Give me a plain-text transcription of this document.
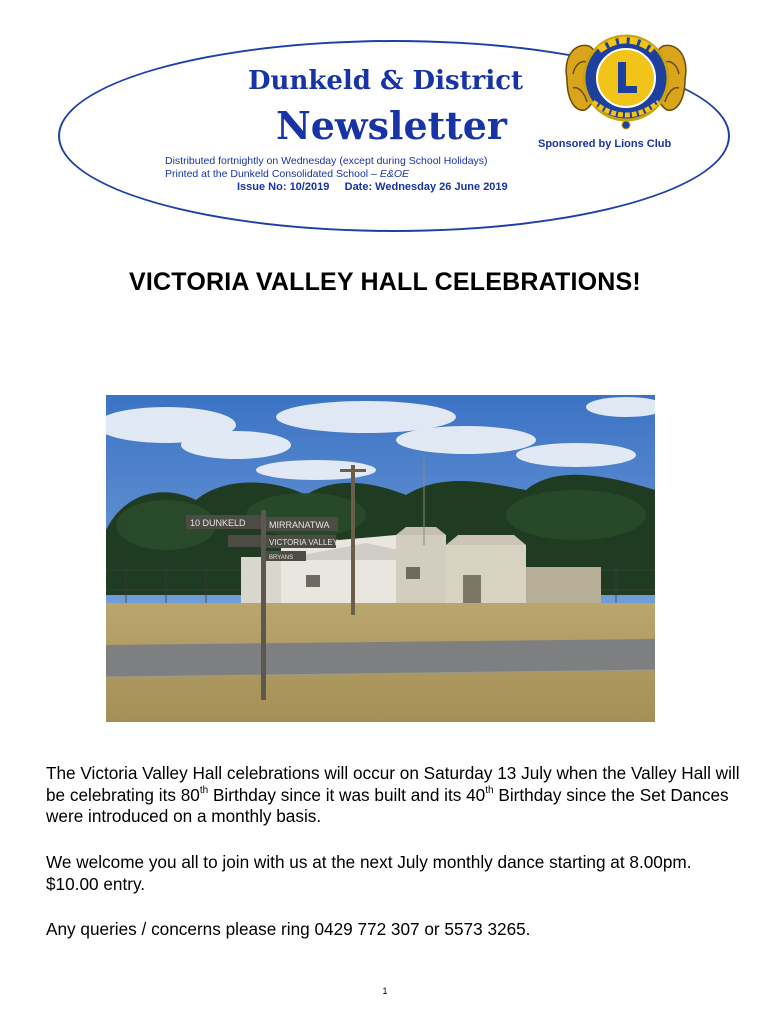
Dunkeld & District
Newsletter	Sponsored by Lions Club
Distributed fortnightly on Wednesday (except during School Holidays)
Printed at the Dunkeld Consolidated School – E&OE
Issue No: 10/2019 Date: Wednesday 26 June 2019
VICTORIA VALLEY HALL CELEBRATIONS!
10 DUNKELD	MIRRANATWA
VICTORIA VALLEY
BRYANS
The Victoria Valley Hall celebrations will occur on Saturday 13 July when the Valley Hall will be celebrating its 80th Birthday since it was built and its 40th Birthday since the Set Dances were introduced on a monthly basis.
We welcome you all to join with us at the next July monthly dance starting at 8.00pm. $10.00 entry.
Any queries / concerns please ring 0429 772 307 or 5573 3265.
1
